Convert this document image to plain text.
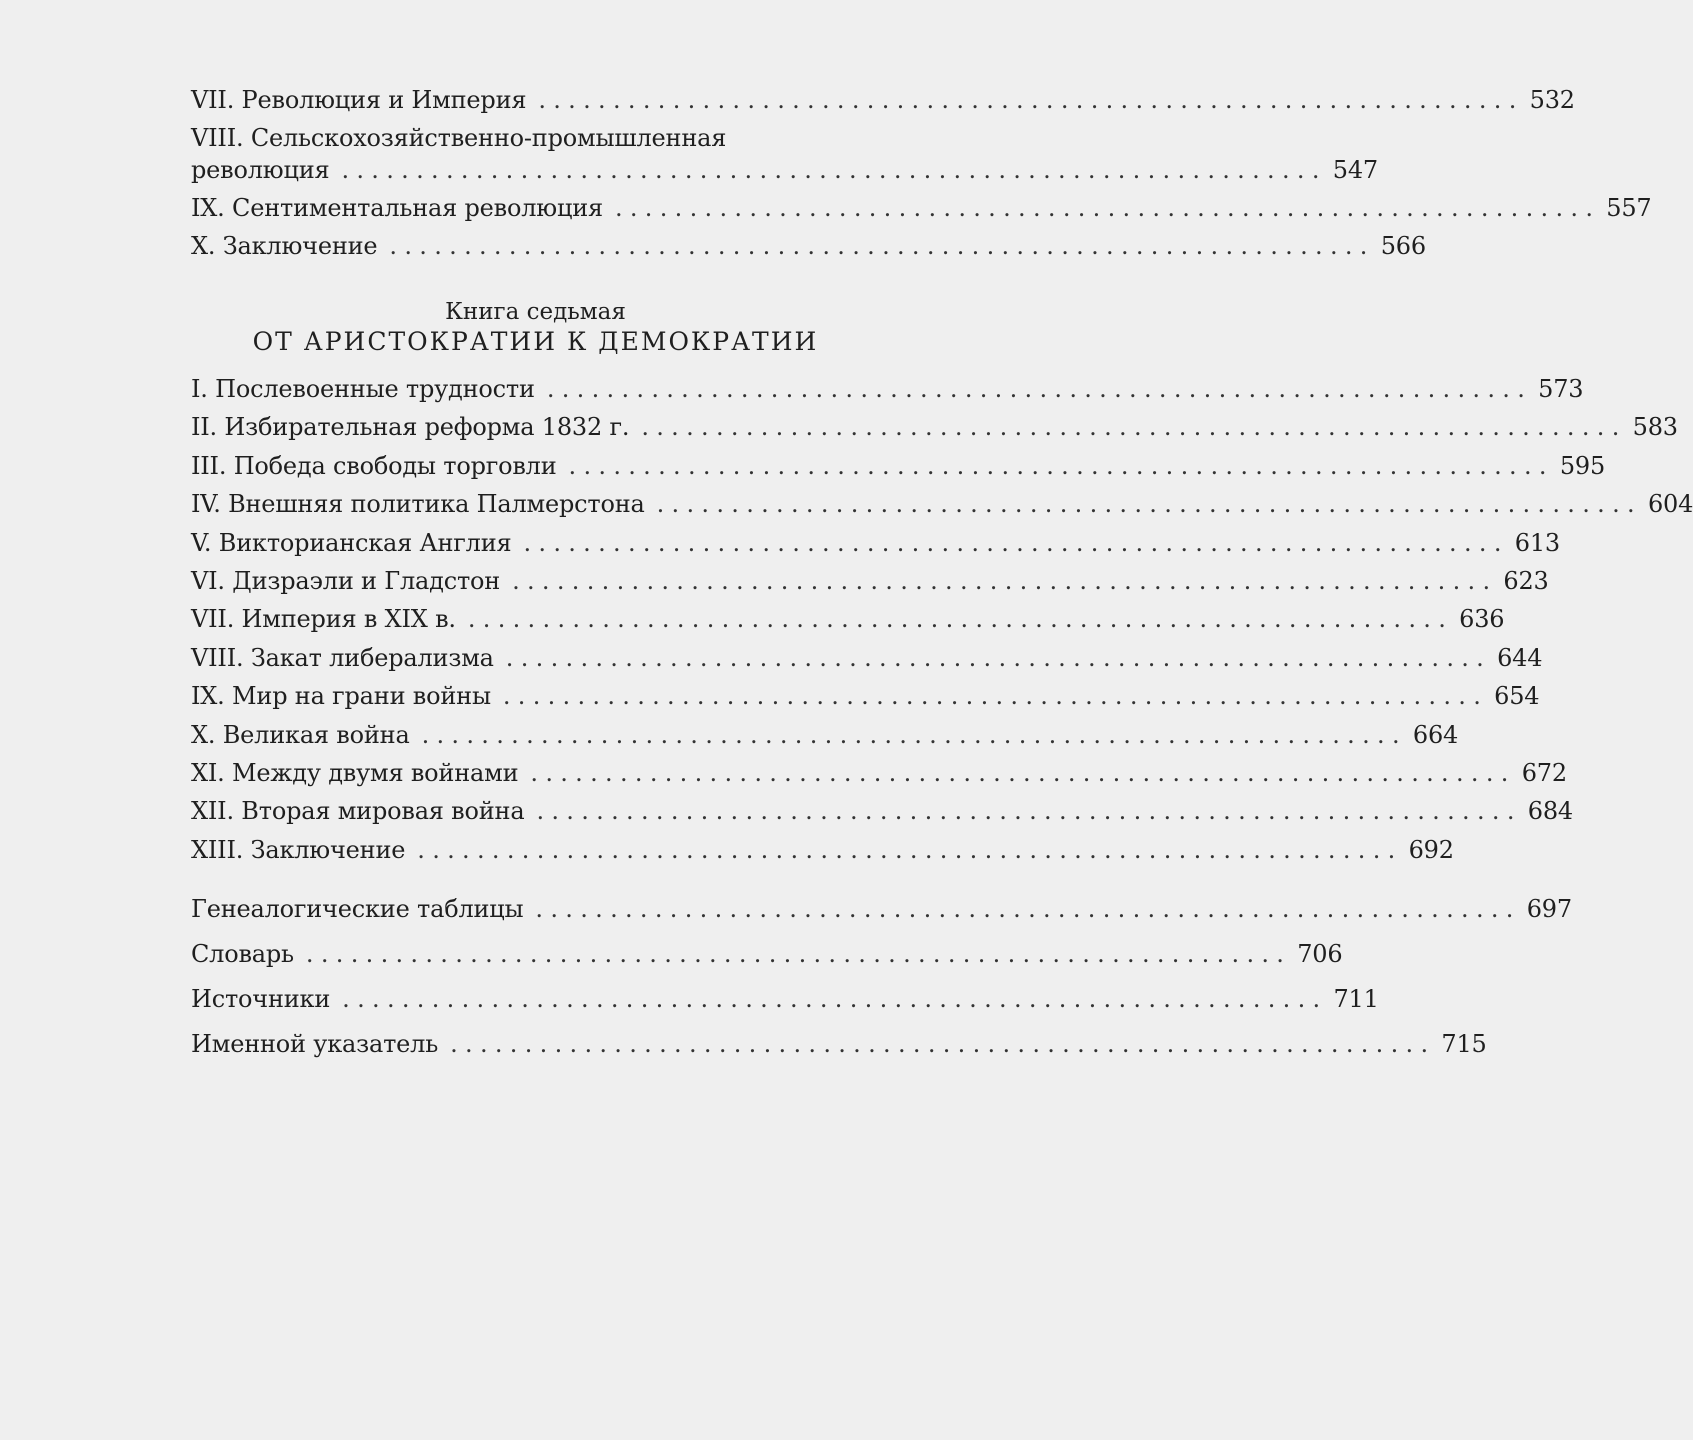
VII. Революция и Империя .................................................................. 532
VIII. Сельскохозяйственно-промышленная
революция .................................................................. 547
IX. Сентиментальная революция .................................................................. 557
X. Заключение .................................................................. 566
Книга седьмая
ОТ АРИСТОКРАТИИ К ДЕМОКРАТИИ
I. Послевоенные трудности .................................................................. 573
II. Избирательная реформа 1832 г. .................................................................. 583
III. Победа свободы торговли .................................................................. 595
IV. Внешняя политика Палмерстона .................................................................. 604
V. Викторианская Англия .................................................................. 613
VI. Дизраэли и Гладстон .................................................................. 623
VII. Империя в XIX в. .................................................................. 636
VIII. Закат либерализма .................................................................. 644
IX. Мир на грани войны .................................................................. 654
X. Великая война .................................................................. 664
XI. Между двумя войнами .................................................................. 672
XII. Вторая мировая война .................................................................. 684
XIII. Заключение .................................................................. 692
Генеалогические таблицы .................................................................. 697
Словарь .................................................................. 706
Источники .................................................................. 711
Именной указатель .................................................................. 715
